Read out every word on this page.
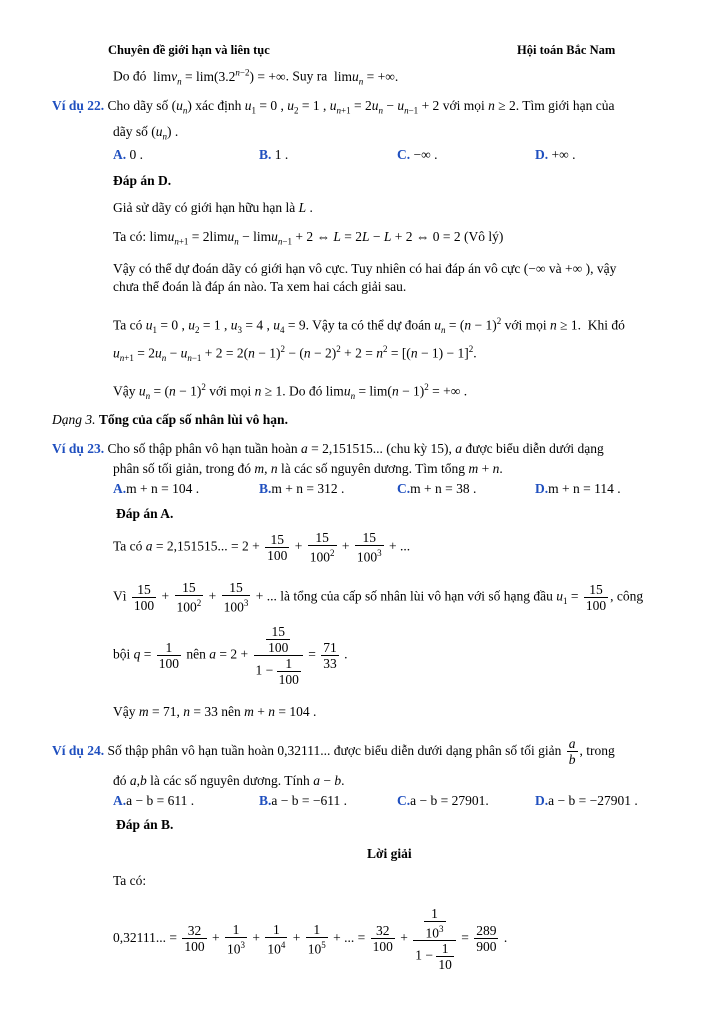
Chuyên đề giới hạn và liên tục	Hội toán Bắc Nam
Do đó  $\lim v_n = \lim(3.2^{n-2})$ = +∞. Suy ra  limu$_n$ = +∞.
Ví dụ 22. Cho dãy số $(u_n)$ xác định $u_1 = 0$ , $u_2 = 1$ , $u_{n+1} = 2u_n - u_{n-1} + 2$ với mọi n ≥ 2. Tìm giới hạn của
dãy số $(u_n)$ .
A. 0 .	B. 1 .	C. −∞ .	D. +∞ .
Đáp án D.
Giả sử dãy có giới hạn hữu hạn là L .
Ta có: limu$_{n+1}$ = 2limu$_n$ − limu$_{n-1}$ + 2 ⇔ L = 2L − L + 2 ⇔ 0 = 2 (Vô lý)
Vậy có thể dự đoán dãy có giới hạn vô cực. Tuy nhiên có hai đáp án vô cực (−∞ và +∞ ), vậy
chưa thể đoán là đáp án nào. Ta xem hai cách giải sau.
Ta có $u_1 = 0$ , $u_2 = 1$ , $u_3 = 4$ , $u_4 = 9$. Vậy ta có thể dự đoán $u_n = (n - 1)^2$ với mọi n ≥ 1.  Khi đó
$u_{n+1} = 2u_n - u_{n-1} + 2 = 2(n - 1)^2 - (n - 2)^2 + 2 = n^2 = [(n - 1) - 1]^2$.
Vậy $u_n = (n - 1)^2$ với mọi n ≥ 1. Do đó $\lim u_n = \lim(n - 1)^2$ = +∞ .
Dạng 3. Tổng của cấp số nhân lùi vô hạn.
Ví dụ 23. Cho số thập phân vô hạn tuần hoàn a = 2,151515... (chu kỳ 15), a được biểu diễn dưới dạng
phân số tối giản, trong đó m, n là các số nguyên dương. Tìm tổng m + n.
A.m + n = 104 .	B.m + n = 312 .	C.m + n = 38 .	D.m + n = 114 .
Đáp án A.
Ta có a = 2,151515... = $2 + \frac{15}{100} + \frac{15}{100^2} + \frac{15}{100^3}$ + ...
Vì $\frac{15}{100} + \frac{15}{100^2} + \frac{15}{100^3}$ + ... là tổng của cấp số nhân lùi vô hạn với số hạng đầu $u_1 = \frac{15}{100}$ , công
bội $q = \frac{1}{100}$ nên $a = 2 + \frac{\frac{15}{100}}{1 - \frac{1}{100}} = \frac{71}{33}$ .
Vậy m = 71, n = 33 nên m + n = 104 .
Ví dụ 24. Số thập phân vô hạn tuần hoàn 0,32111... được biểu diễn dưới dạng phân số tối giản $\frac{a}{b}$ , trong
đó a,b là các số nguyên dương. Tính a − b.
A.a − b = 611 .	B.a − b = −611 .	C.a − b = 27901.	D.a − b = −27901 .
Đáp án B.
Lời giải
Ta có:
0,32111... = $\frac{32}{100} + \frac{1}{10^3} + \frac{1}{10^4} + \frac{1}{10^5}$ + ... = $\frac{32}{100} + \frac{\frac{1}{10^3}}{1 - \frac{1}{10}} = \frac{289}{900}$ .
